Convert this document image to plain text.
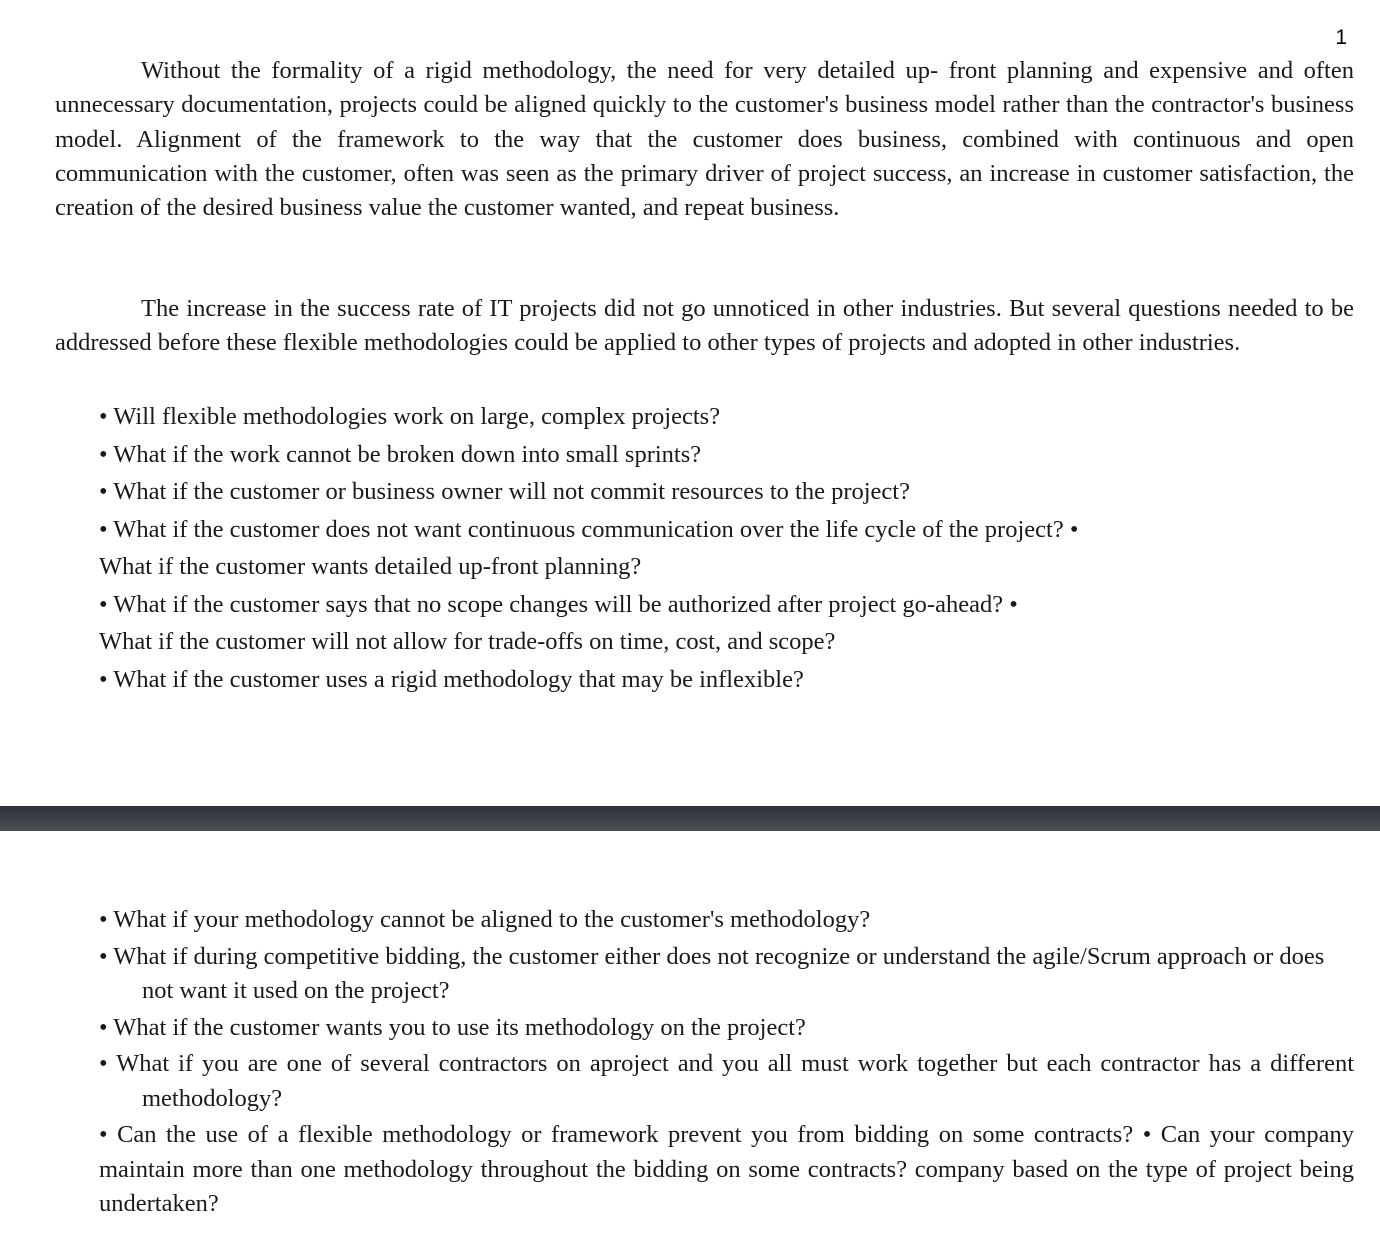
1

Without the formality of a rigid methodology, the need for very detailed up- front planning and expensive and often unnecessary documentation, projects could be aligned quickly to the customer's business model rather than the contractor's business model. Alignment of the framework to the way that the customer does business, combined with continuous and open communication with the customer, often was seen as the primary driver of project success, an increase in customer satisfaction, the creation of the desired business value the customer wanted, and repeat business.

The increase in the success rate of IT projects did not go unnoticed in other industries. But several questions needed to be addressed before these flexible methodologies could be applied to other types of projects and adopted in other industries.

• Will flexible methodologies work on large, complex projects?
• What if the work cannot be broken down into small sprints?
• What if the customer or business owner will not commit resources to the project?
• What if the customer does not want continuous communication over the life cycle of the project? •
What if the customer wants detailed up-front planning?
• What if the customer says that no scope changes will be authorized after project go-ahead? •
What if the customer will not allow for trade-offs on time, cost, and scope?
• What if the customer uses a rigid methodology that may be inflexible?
• What if your methodology cannot be aligned to the customer's methodology?
• What if during competitive bidding, the customer either does not recognize or understand the agile/Scrum approach or does not want it used on the project?
• What if the customer wants you to use its methodology on the project?
• What if you are one of several contractors on aproject and you all must work together but each contractor has a different methodology?
• Can the use of a flexible methodology or framework prevent you from bidding on some contracts? • Can your company maintain more than one methodology throughout the bidding on some contracts? company based on the type of project being undertaken?
